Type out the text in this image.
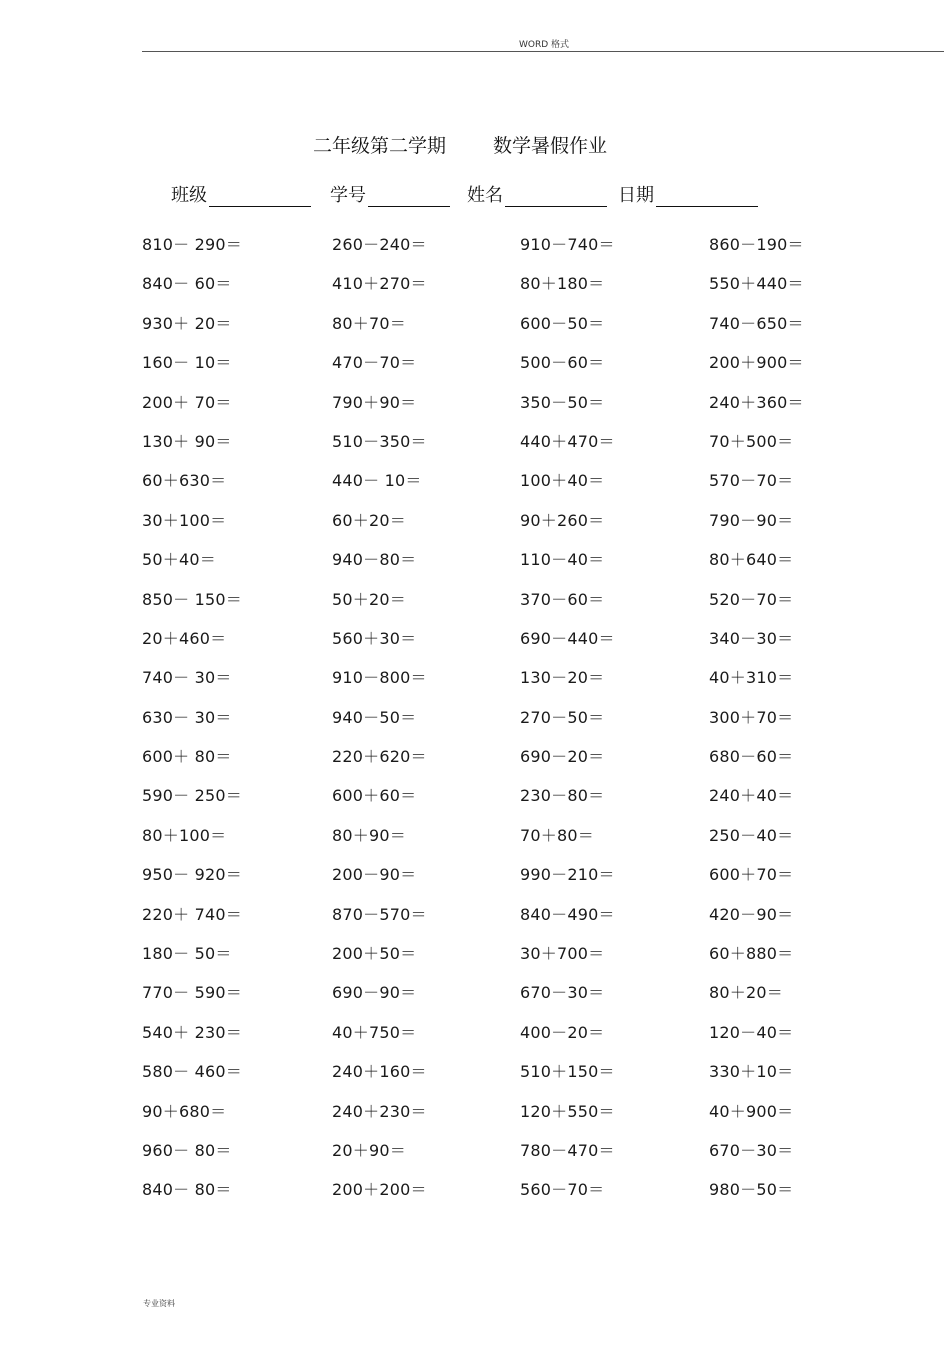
WORD 格式
二年级第二学期 数学暑假作业
班级	学号	姓名	日期
810－ 290＝	260－240＝	910－740＝	860－190＝
840－ 60＝	410＋270＝	80＋180＝	550＋440＝
930＋ 20＝	80＋70＝	600－50＝	740－650＝
160－ 10＝	470－70＝	500－60＝	200＋900＝
200＋ 70＝	790＋90＝	350－50＝	240＋360＝
130＋ 90＝	510－350＝	440＋470＝	70＋500＝
60＋630＝	440－ 10＝	100＋40＝	570－70＝
30＋100＝	60＋20＝	90＋260＝	790－90＝
50＋40＝	940－80＝	110－40＝	80＋640＝
850－ 150＝	50＋20＝	370－60＝	520－70＝
20＋460＝	560＋30＝	690－440＝	340－30＝
740－ 30＝	910－800＝	130－20＝	40＋310＝
630－ 30＝	940－50＝	270－50＝	300＋70＝
600＋ 80＝	220＋620＝	690－20＝	680－60＝
590－ 250＝	600＋60＝	230－80＝	240＋40＝
80＋100＝	80＋90＝	70＋80＝	250－40＝
950－ 920＝	200－90＝	990－210＝	600＋70＝
220＋ 740＝	870－570＝	840－490＝	420－90＝
180－ 50＝	200＋50＝	30＋700＝	60＋880＝
770－ 590＝	690－90＝	670－30＝	80＋20＝
540＋ 230＝	40＋750＝	400－20＝	120－40＝
580－ 460＝	240＋160＝	510＋150＝	330＋10＝
90＋680＝	240＋230＝	120＋550＝	40＋900＝
960－ 80＝	20＋90＝	780－470＝	670－30＝
840－ 80＝	200＋200＝	560－70＝	980－50＝
专业资料
